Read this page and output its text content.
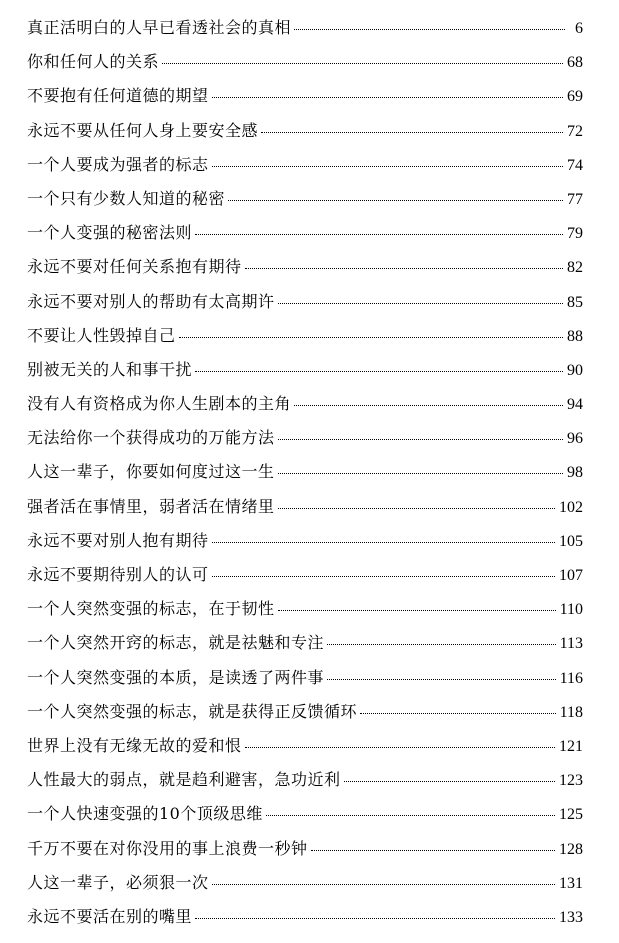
真正活明白的人早已看透社会的真相	6
你和任何人的关系	68
不要抱有任何道德的期望	69
永远不要从任何人身上要安全感	72
一个人要成为强者的标志	74
一个只有少数人知道的秘密	77
一个人变强的秘密法则	79
永远不要对任何关系抱有期待	82
永远不要对别人的帮助有太高期许	85
不要让人性毁掉自己	88
别被无关的人和事干扰	90
没有人有资格成为你人生剧本的主角	94
无法给你一个获得成功的万能方法	96
人这一辈子，你要如何度过这一生	98
强者活在事情里，弱者活在情绪里	102
永远不要对别人抱有期待	105
永远不要期待别人的认可	107
一个人突然变强的标志，在于韧性	110
一个人突然开窍的标志，就是祛魅和专注	113
一个人突然变强的本质，是读透了两件事	116
一个人突然变强的标志，就是获得正反馈循环	118
世界上没有无缘无故的爱和恨	121
人性最大的弱点，就是趋利避害，急功近利	123
一个人快速变强的10个顶级思维	125
千万不要在对你没用的事上浪费一秒钟	128
人这一辈子，必须狠一次	131
永远不要活在别的嘴里	133
